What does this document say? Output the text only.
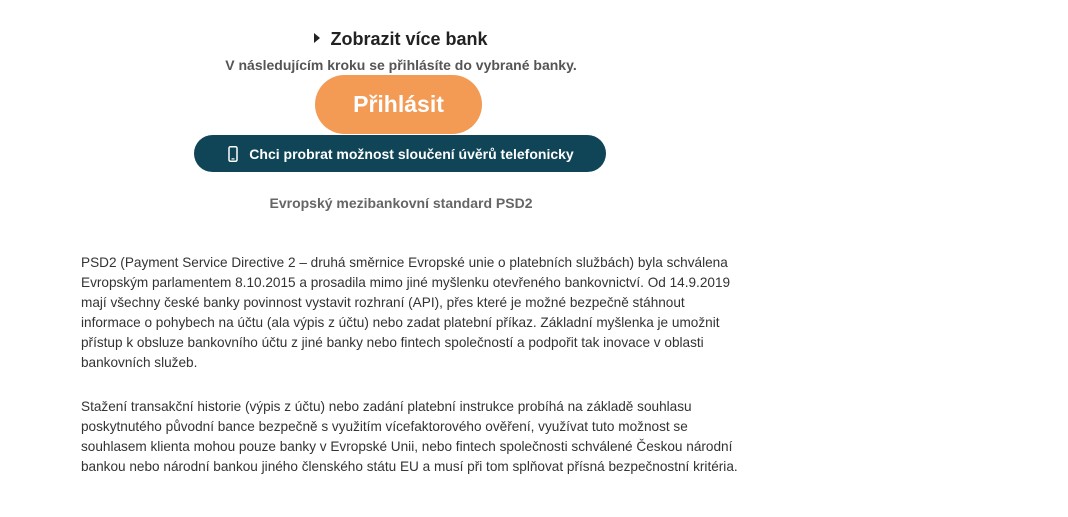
Zobrazit více bank
V následujícím kroku se přihlásíte do vybrané banky.
Přihlásit
Chci probrat možnost sloučení úvěrů telefonicky
Evropský mezibankovní standard PSD2

PSD2 (Payment Service Directive 2 – druhá směrnice Evropské unie o platebních službách) byla schválena Evropským parlamentem 8.10.2015 a prosadila mimo jiné myšlenku otevřeného bankovnictví. Od 14.9.2019 mají všechny české banky povinnost vystavit rozhraní (API), přes které je možné bezpečně stáhnout informace o pohybech na účtu (ala výpis z účtu) nebo zadat platební příkaz. Základní myšlenka je umožnit přístup k obsluze bankovního účtu z jiné banky nebo fintech společností a podpořit tak inovace v oblasti bankovních služeb.

Stažení transakční historie (výpis z účtu) nebo zadání platební instrukce probíhá na základě souhlasu poskytnutého původní bance bezpečně s využitím vícefaktorového ověření, využívat tuto možnost se souhlasem klienta mohou pouze banky v Evropské Unii, nebo fintech společnosti schválené Českou národní bankou nebo národní bankou jiného členského státu EU a musí při tom splňovat přísná bezpečnostní kritéria.
